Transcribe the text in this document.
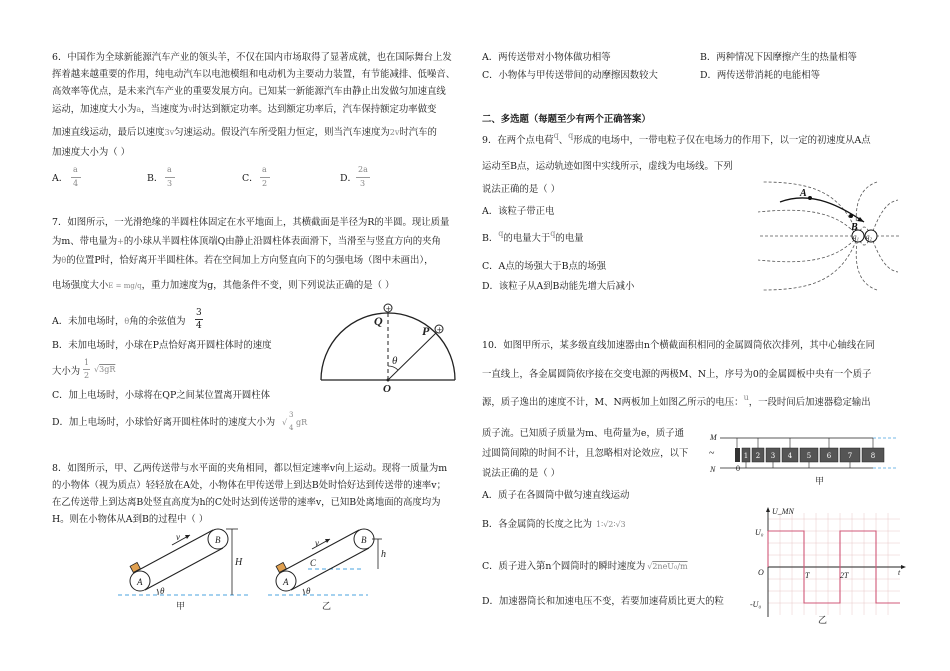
6．中国作为全球新能源汽车产业的领头羊，不仅在国内市场取得了显著成就，也在国际舞台上发
挥着越来越重要的作用，纯电动汽车以电池模组和电动机为主要动力装置，有节能减排、低噪音、
高效率等优点，是未来汽车产业的重要发展方向。已知某一新能源汽车由静止出发做匀加速直线
运动，加速度大小为a，当速度为v时达到额定功率。达到额定功率后，汽车保持额定功率做变
加速直线运动，最后以速度3v匀速运动。假设汽车所受阻力恒定，则当汽车速度为2v时汽车的
加速度大小为（ ）
A．
a
4	B．
a
3	C．
a
2	D．
2a
3
7．如图所示，一光滑绝缘的半圆柱体固定在水平地面上，其横截面是半径为R的半圆。现让质量
为m、带电量为+的小球从半圆柱体顶端Q由静止沿圆柱体表面滑下，当滑至与竖直方向的夹角
为θ的位置P时，恰好离开半圆柱体。若在空间加上方向竖直向下的匀强电场（图中未画出），
电场强度大小E = mg/q，重力加速度为g，其他条件不变，则下列说法正确的是（ ）
A．未加电场时，θ角的余弦值为
3
4
B．未加电场时，小球在P点恰好离开圆柱体时的速度
大小为
1
2
√3gR
C．加上电场时，小球将在QP之间某位置离开圆柱体
D．加上电场时，小球恰好离开圆柱体时的速度大小为 √
3
4
gR
+
+
Q
P
θ
O
8．如图所示，甲、乙两传送带与水平面的夹角相同，都以恒定速率v向上运动。现将一质量为m
的小物体（视为质点）轻轻放在A处，小物体在甲传送带上到达B处时恰好达到传送带的速率v；
在乙传送带上到达离B处竖直高度为h的C处时达到传送带的速率v，已知B处离地面的高度均为
H。则在小物体从A到B的过程中（ ）
A
B
v
H
θ
甲
A
B
C
v
h
θ
乙
A．两传送带对小物体做功相等	B．两种情况下因摩擦产生的热量相等
C．小物体与甲传送带间的动摩擦因数较大	D．两传送带消耗的电能相等
二、多选题（每题至少有两个正确答案）
9．在两个点电荷q、q形成的电场中，一带电粒子仅在电场力的作用下，以一定的初速度从A点
运动至B点，运动轨迹如图中实线所示，虚线为电场线。下列
说法正确的是（ ）
A．该粒子带正电
B．q的电量大于q的电量
C．A点的场强大于B点的场强
D．该粒子从A到B动能先增大后减小
A
B
q₁ q₂
10．如图甲所示，某多级直线加速器由n个横截面积相同的金属圆筒依次排列，其中心轴线在同
一直线上，各金属圆筒依序接在交变电源的两极M、N上，序号为0的金属圆板中央有一个质子
源，质子逸出的速度不计，M、N两板加上如图乙所示的电压：u，一段时间后加速器稳定输出
质子流。已知质子质量为m、电荷量为e，质子通
过圆筒间隙的时间不计，且忽略相对论效应，以下
说法正确的是（ ）
A．质子在各圆筒中做匀速直线运动
B．各金属筒的长度之比为 1∶√2∶√3
C．质子进入第n个圆筒时的瞬时速度为 √2neU₀/m
D．加速器筒长和加速电压不变，若要加速荷质比更大的粒
M
N
~
0
1 2 3 4 5 6 7	8
甲
U_MN
U₀
-U₀
O	T	2T	t
乙
